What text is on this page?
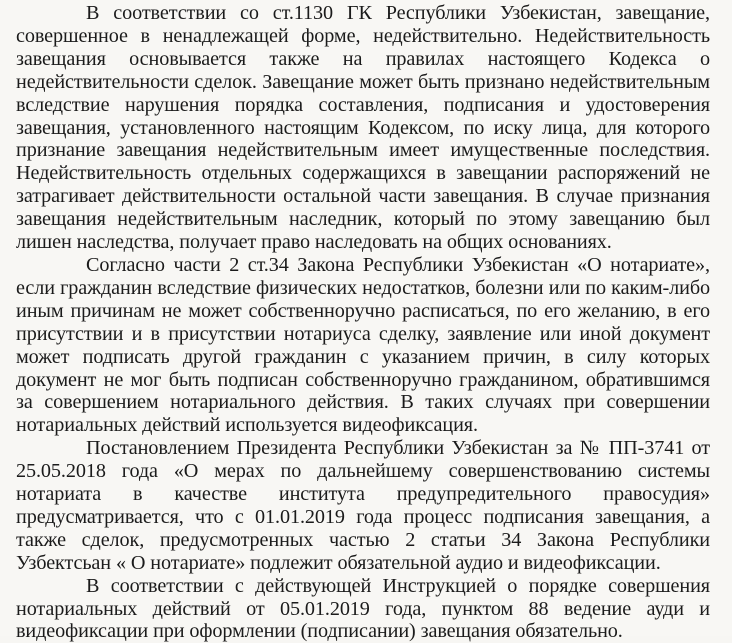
В соответствии со ст.1130 ГК Республики Узбекистан, завещание, совершенное в ненадлежащей форме, недействительно. Недействительность завещания основывается также на правилах настоящего Кодекса о недействительности сделок. Завещание может быть признано недействительным вследствие нарушения порядка составления, подписания и удостоверения завещания, установленного настоящим Кодексом, по иску лица, для которого признание завещания недействительным имеет имущественные последствия. Недействительность отдельных содержащихся в завещании распоряжений не затрагивает действительности остальной части завещания. В случае признания завещания недействительным наследник, который по этому завещанию был лишен наследства, получает право наследовать на общих основаниях.

Согласно части 2 ст.34 Закона Республики Узбекистан «О нотариате», если гражданин вследствие физических недостатков, болезни или по каким-либо иным причинам не может собственноручно расписаться, по его желанию, в его присутствии и в присутствии нотариуса сделку, заявление или иной документ может подписать другой гражданин с указанием причин, в силу которых документ не мог быть подписан собственноручно гражданином, обратившимся за совершением нотариального действия. В таких случаях при совершении нотариальных действий используется видеофиксация.

Постановлением Президента Республики Узбекистан за № ПП-3741 от 25.05.2018 года «О мерах по дальнейшему совершенствованию системы нотариата в качестве института предупредительного правосудия» предусматривается, что с 01.01.2019 года процесс подписания завещания, а также сделок, предусмотренных частью 2 статьи 34 Закона Республики Узбектсьан « О нотариате» подлежит обязательной аудио и видеофиксации.

В соответствии с действующей Инструкцией о порядке совершения нотариальных действий от 05.01.2019 года, пунктом 88 ведение ауди и видеофиксации при оформлении (подписании) завещания обязательно.
